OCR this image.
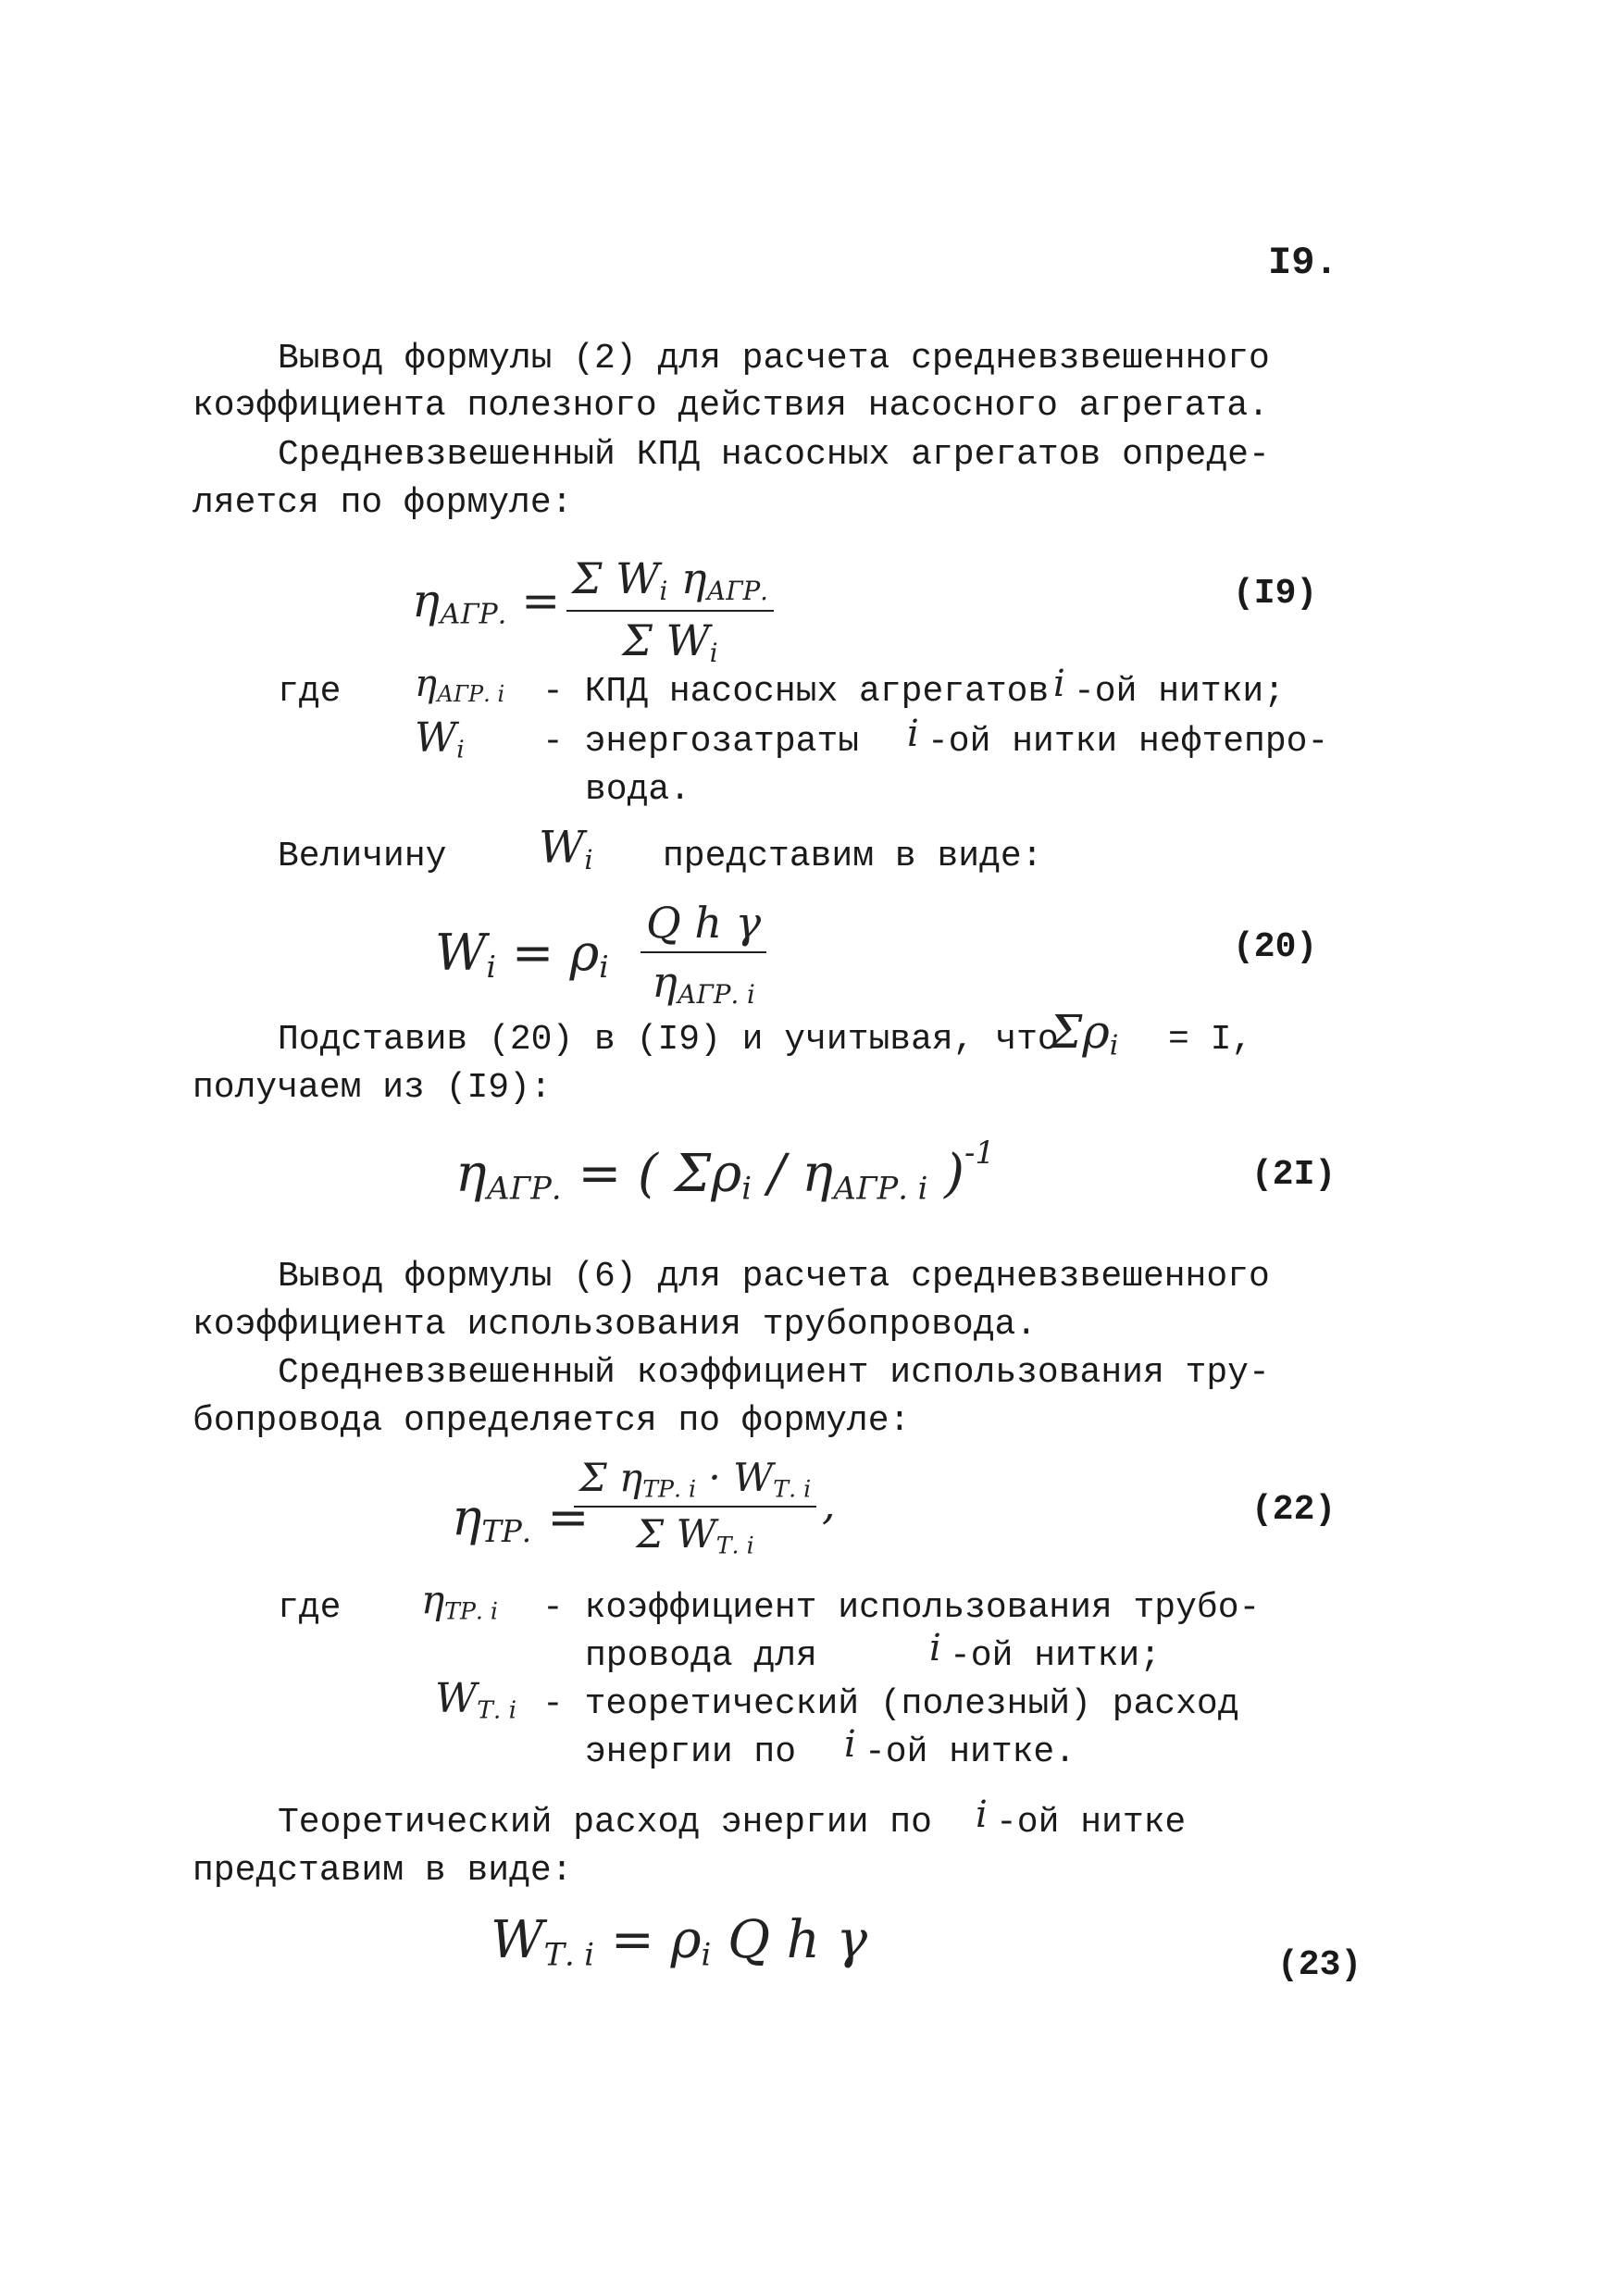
I9.
Вывод формулы (2) для расчета средневзвешенного
коэффициента полезного действия насосного агрегата.
Средневзвешенный КПД насосных агрегатов опреде-
ляется по формуле:
$\eta_{АГР.} = \Sigma$ $W_i$ $\eta_{АГР.}$
Σ $W_i$
(I9)
где $\eta_{АГР. i}$ - КПД насосных агрегатов i -ой нитки;
$W_i$ - энергозатраты i -ой нитки нефтепро-
вода.
Величину $W_i$ представим в виде:
$W_i = \rho_i$
Q h γ
$\eta_{АГР. i}$
(20)
Подставив (20) в (I9) и учитывая, что
$\Sigma\rho_i = I$,
получаем из (I9):
$\eta_{АГР.}$ = ( $\Sigma\rho_i / \eta_{АГР. i}$ )$^{-1}$
(2I)
Вывод формулы (6) для расчета средневзвешенного
коэффициента использования трубопровода.
Средневзвешенный коэффициент использования тру-
бопровода определяется по формуле:
$\eta_{ТР.}$ =
Σ $\eta_{ТР. i} \cdot W_{Т. i}$
Σ $W_{Т. i}$
,	(22)
где $\eta_{ТР. i}$ - коэффициент использования трубо-
провода для	i -ой нитки;
$W_{Т. i}$ - теоретический (полезный) расход
энергии по i -ой нитке.
Теоретический расход энергии по i -ой нитке
представим в виде:
$W_{Т. i} = \rho_i$ Q h γ	(23)
